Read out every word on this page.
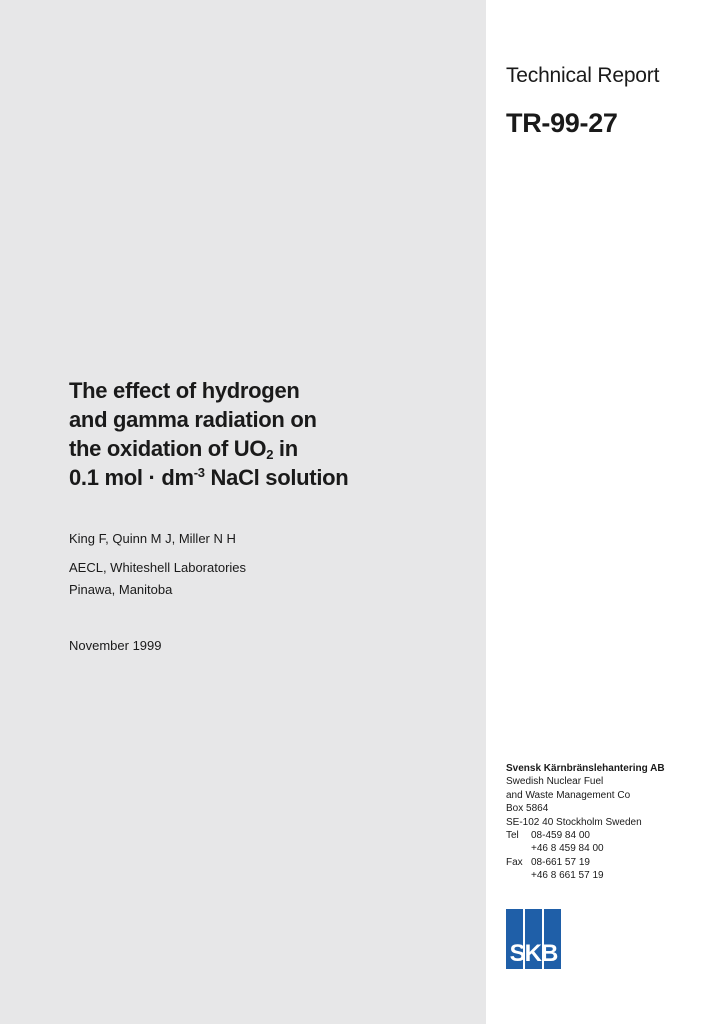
Technical Report
TR-99-27
The effect of hydrogen
and gamma radiation on
the oxidation of $UO_2$ in
0.1 mol · $dm^{-3}$ NaCl solution
King F, Quinn M J, Miller N H
AECL, Whiteshell Laboratories
Pinawa, Manitoba
November 1999
Svensk Kärnbränslehantering AB
Swedish Nuclear Fuel
and Waste Management Co
Box 5864
SE-102 40 Stockholm Sweden
Tel 08-459 84 00
+46 8 459 84 00
Fax 08-661 57 19
+46 8 661 57 19
SKB
